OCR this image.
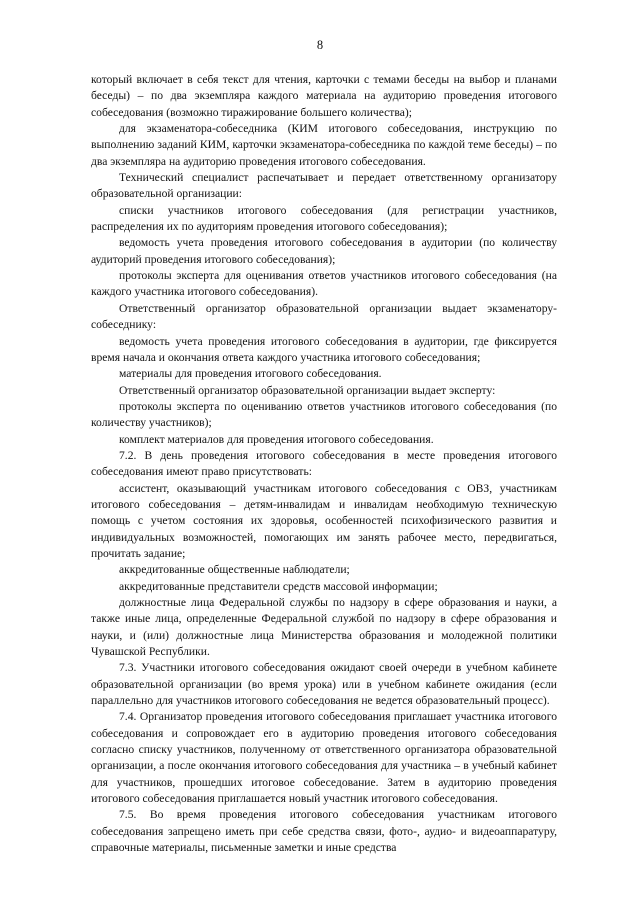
8

который включает в себя текст для чтения, карточки с темами беседы на выбор и планами беседы) – по два экземпляра каждого материала на аудиторию проведения итогового собеседования (возможно тиражирование большего количества);

для экзаменатора-собеседника (КИМ итогового собеседования, инструкцию по выполнению заданий КИМ, карточки экзаменатора-собеседника по каждой теме беседы) – по два экземпляра на аудиторию проведения итогового собеседования.

Технический специалист распечатывает и передает ответственному организатору образовательной организации:

списки участников итогового собеседования (для регистрации участников, распределения их по аудиториям проведения итогового собеседования);

ведомость учета проведения итогового собеседования в аудитории (по количеству аудиторий проведения итогового собеседования);

протоколы эксперта для оценивания ответов участников итогового собеседования (на каждого участника итогового собеседования).

Ответственный организатор образовательной организации выдает экзаменатору-собеседнику:

ведомость учета проведения итогового собеседования в аудитории, где фиксируется время начала и окончания ответа каждого участника итогового собеседования;

материалы для проведения итогового собеседования.

Ответственный организатор образовательной организации выдает эксперту:

протоколы эксперта по оцениванию ответов участников итогового собеседования (по количеству участников);

комплект материалов для проведения итогового собеседования.

7.2. В день проведения итогового собеседования в месте проведения итогового собеседования имеют право присутствовать:

ассистент, оказывающий участникам итогового собеседования с ОВЗ, участникам итогового собеседования – детям-инвалидам и инвалидам необходимую техническую помощь с учетом состояния их здоровья, особенностей психофизического развития и индивидуальных возможностей, помогающих им занять рабочее место, передвигаться, прочитать задание;

аккредитованные общественные наблюдатели;

аккредитованные представители средств массовой информации;

должностные лица Федеральной службы по надзору в сфере образования и науки, а также иные лица, определенные Федеральной службой по надзору в сфере образования и науки, и (или) должностные лица Министерства образования и молодежной политики Чувашской Республики.

7.3. Участники итогового собеседования ожидают своей очереди в учебном кабинете образовательной организации (во время урока) или в учебном кабинете ожидания (если параллельно для участников итогового собеседования не ведется образовательный процесс).

7.4. Организатор проведения итогового собеседования приглашает участника итогового собеседования и сопровождает его в аудиторию проведения итогового собеседования согласно списку участников, полученному от ответственного организатора образовательной организации, а после окончания итогового собеседования для участника – в учебный кабинет для участников, прошедших итоговое собеседование. Затем в аудиторию проведения итогового собеседования приглашается новый участник итогового собеседования.

7.5. Во время проведения итогового собеседования участникам итогового собеседования запрещено иметь при себе средства связи, фото-, аудио- и видеоаппаратуру, справочные материалы, письменные заметки и иные средства
